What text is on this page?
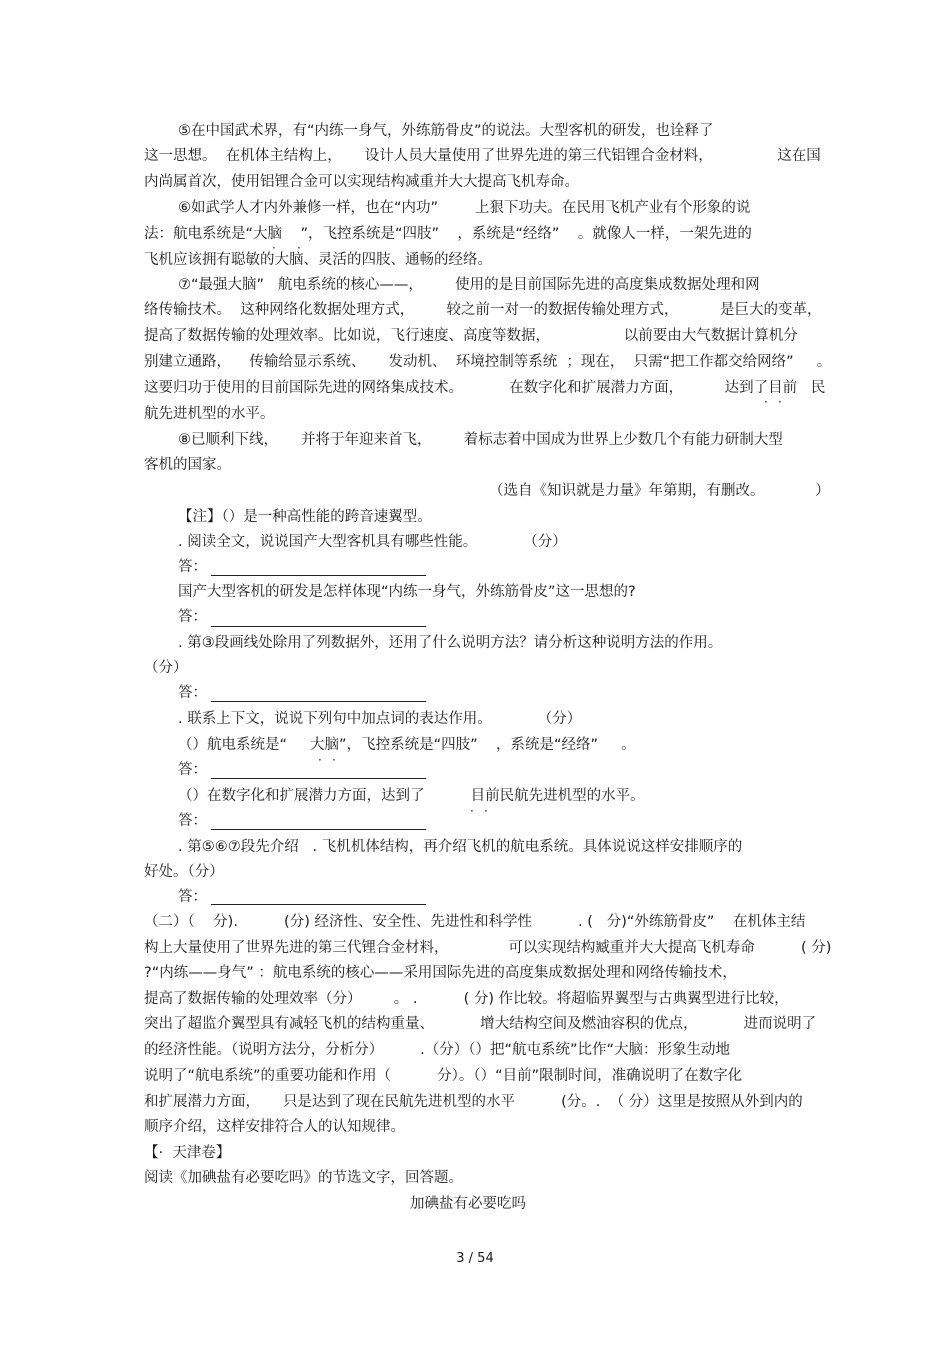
⑤在中国武术界，有“内练一身气，外练筋骨皮”的说法。大型客机的研发，也诠释了
这一思想。  在机体主结构上，     设计人员大量使用了世界先进的第三代铝锂合金材料，              这在国
内尚属首次，使用铝锂合金可以实现结构减重并大大提高飞机寿命。
⑥如武学人才内外兼修一样，也在“内功”        上狠下功夫。在民用飞机产业有个形象的说
法：航电系统是“大脑    ”，飞控系统是“四肢”    ，系统是“经络”    。就像人一样，一架先进的
飞机应该拥有聪敏的大脑、灵活的四肢、通畅的经络。
⑦“最强大脑”   航电系统的核心——，       使用的是目前国际先进的高度集成数据处理和网
络传输技术。  这种网络化数据处理方式，       较之前一对一的数据传输处理方式，         是巨大的变革，
提高了数据传输的处理效率。比如说，飞行速度、高度等数据，                以前要由大气数据计算机分
别建立通路，    传输给显示系统、     发动机、  环境控制等系统  ；现在，  只需“把工作都交给网络”     。
这要归功于使用的目前国际先进的网络集成技术。          在数字化和扩展潜力方面，         达到了目前   民
航先进机型的水平。
⑧已顺利下线，     并将于年迎来首飞，       着标志着中国成为世界上少数几个有能力研制大型
客机的国家。
（选自《知识就是力量》年第期，有删改。           ）
【注】（）是一种高性能的跨音速翼型。
. 阅读全文，说说国产大型客机具有哪些性能。          （分）
答：
国产大型客机的研发是怎样体现“内练一身气，外练筋骨皮”这一思想的?
答：
. 第③段画线处除用了列数据外，还用了什么说明方法？请分析这种说明方法的作用。
（分）
答：
. 联系上下文，说说下列句中加点词的表达作用。          （分）
（）航电系统是“     大脑”，飞控系统是“四肢”    ，系统是“经络”     。
答：
（）在数字化和扩展潜力方面，达到了          目前民航先进机型的水平。
答：
. 第⑤⑥⑦段先介绍   . 飞机机体结构，再介绍飞机的航电系统。具体说说这样安排顺序的
好处。（分）
答：
（二）（    分).          (分) 经济性、安全性、先进性和科学性          . (   分)“外练筋骨皮”    在机体主结
构上大量使用了世界先进的第三代锂合金材料，             可以实现结构臧重并大大提高飞机寿命          ( 分)
?“内练——身气” ：航电系统的核心——采用国际先进的高度集成数据处理和网络传输技术，
提高了数据传输的处理效率（分）       。 .          ( 分) 作比较。将超临界翼型与古典翼型进行比较，
突出了超监介翼型具有减轻飞机的结构重量、          增大结构空间及燃油容积的优点，          进而说明了
的经济性能。（说明方法分，分析分）        .（分）（）把“航屯系统”比作“大脑：形象生动地
说明了“航电系统”的重要功能和作用（          分）。（）“目前”限制时间，准确说明了在数字化
和扩展潜力方面，     只是达到了现在民航先进机型的水平          (分。.  （ 分）这里是按照从外到内的
顺序介绍，这样安排符合人的认知规律。
【·  天津卷】
阅读《加碘盐有必要吃吗》的节选文字，回答题。
· ·
· ·
· ·
· ·
加碘盐有必要吃吗
3 / 54
